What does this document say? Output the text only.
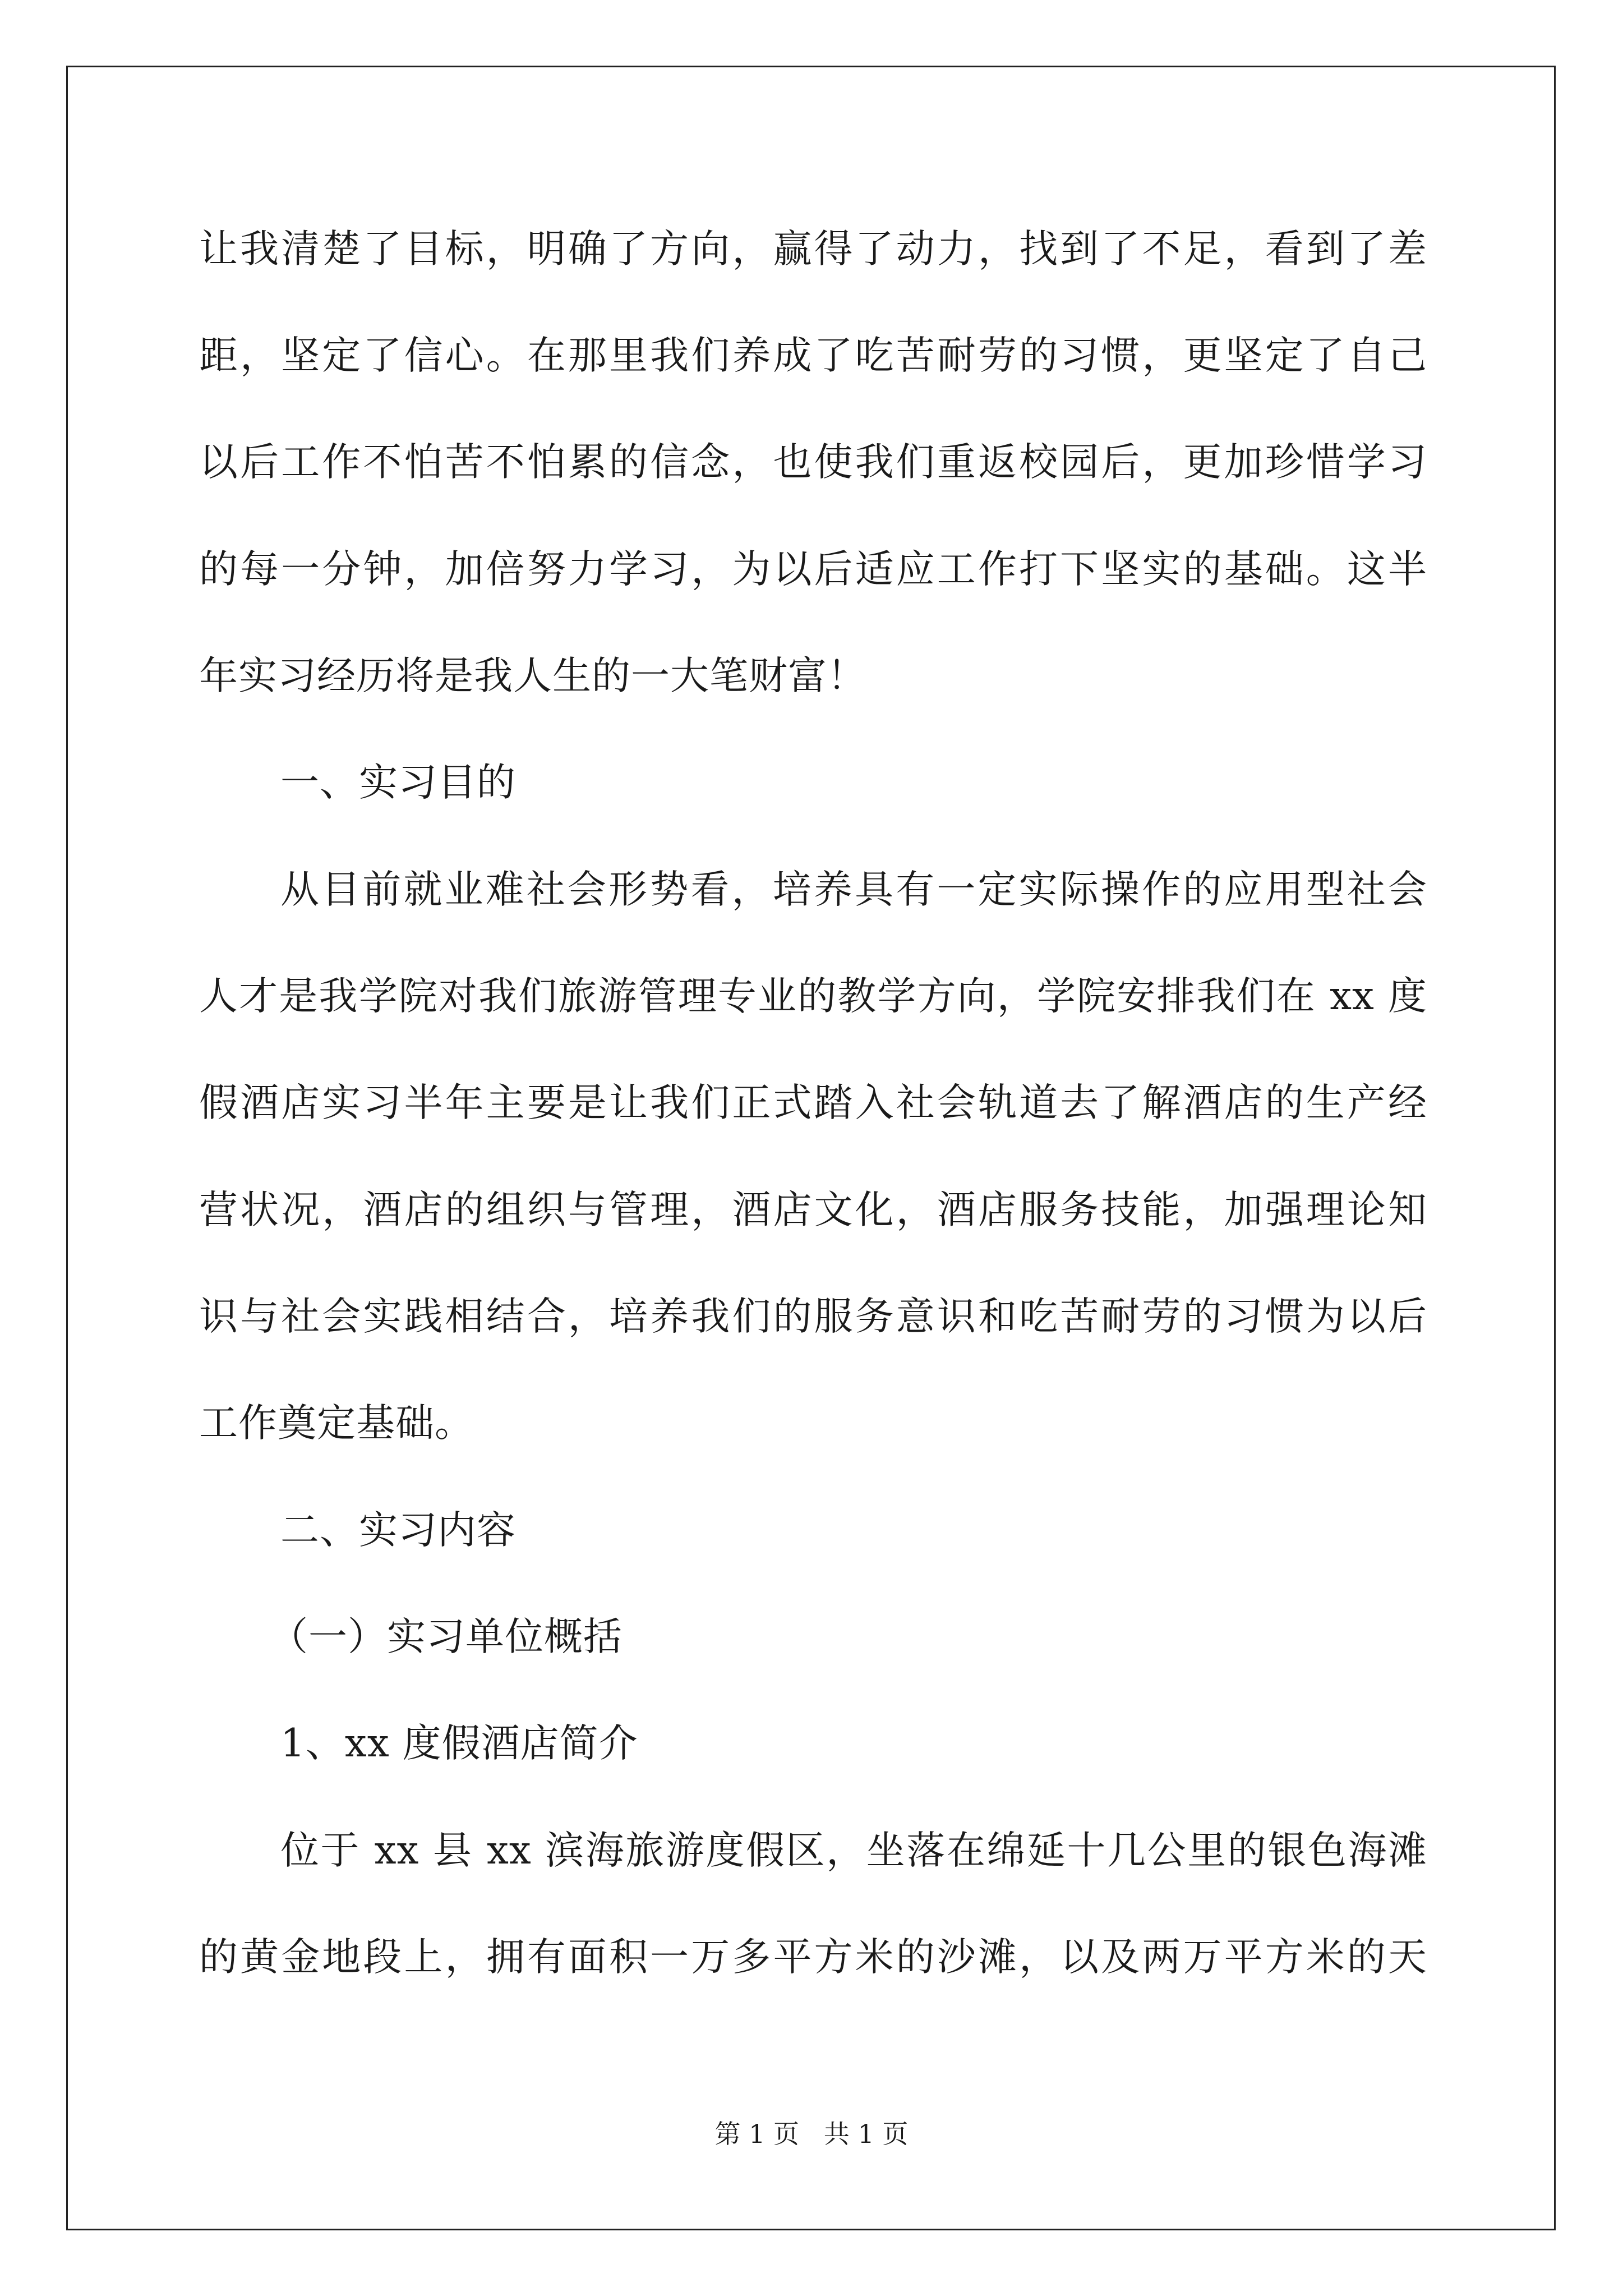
让我清楚了目标，明确了方向，赢得了动力，找到了不足，看到了差
距，坚定了信心。在那里我们养成了吃苦耐劳的习惯，更坚定了自己
以后工作不怕苦不怕累的信念，也使我们重返校园后，更加珍惜学习
的每一分钟，加倍努力学习，为以后适应工作打下坚实的基础。这半
年实习经历将是我人生的一大笔财富！
一、实习目的
从目前就业难社会形势看，培养具有一定实际操作的应用型社会
人才是我学院对我们旅游管理专业的教学方向，学院安排我们在 xx 度
假酒店实习半年主要是让我们正式踏入社会轨道去了解酒店的生产经
营状况，酒店的组织与管理，酒店文化，酒店服务技能，加强理论知
识与社会实践相结合，培养我们的服务意识和吃苦耐劳的习惯为以后
工作奠定基础。
二、实习内容
（一）实习单位概括
1、xx 度假酒店简介
位于 xx 县 xx 滨海旅游度假区，坐落在绵延十几公里的银色海滩
的黄金地段上，拥有面积一万多平方米的沙滩，以及两万平方米的天
第 1 页   共 1 页
